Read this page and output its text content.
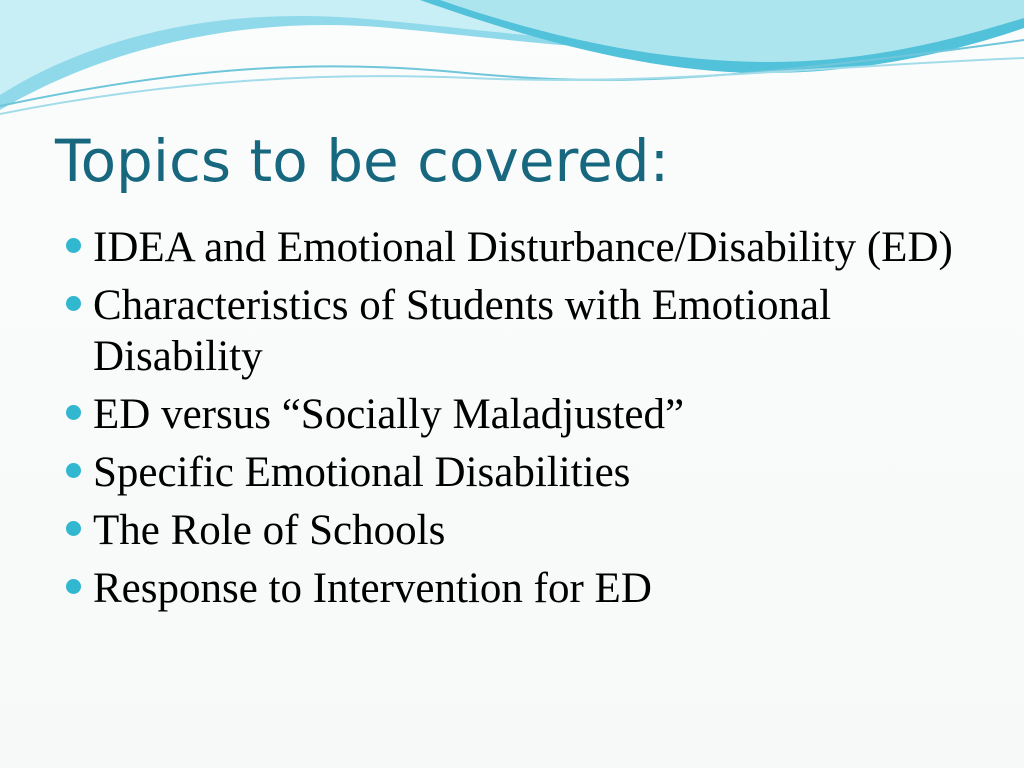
Topics to be covered:
IDEA and Emotional Disturbance/Disability (ED)
Characteristics of Students with Emotional Disability
ED versus “Socially Maladjusted”
Specific Emotional Disabilities
The Role of Schools
Response to Intervention for ED
